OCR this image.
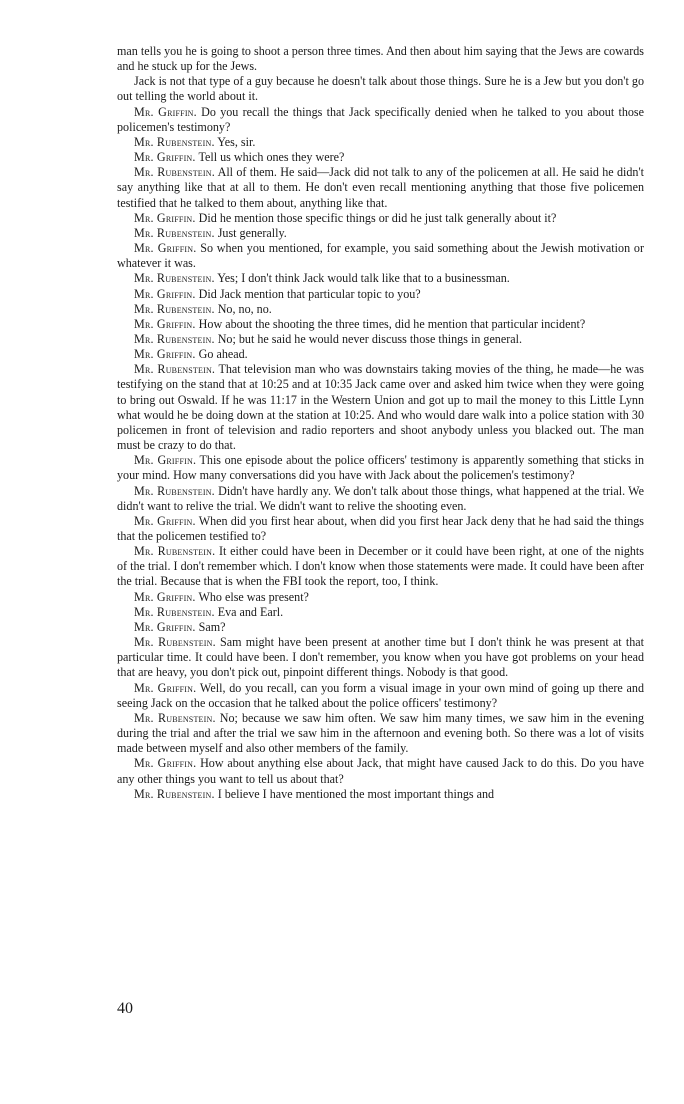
man tells you he is going to shoot a person three times. And then about him saying that the Jews are cowards and he stuck up for the Jews.

Jack is not that type of a guy because he doesn't talk about those things. Sure he is a Jew but you don't go out telling the world about it.

Mr. Griffin. Do you recall the things that Jack specifically denied when he talked to you about those policemen's testimony?

Mr. Rubenstein. Yes, sir.

Mr. Griffin. Tell us which ones they were?

Mr. Rubenstein. All of them. He said—Jack did not talk to any of the policemen at all. He said he didn't say anything like that at all to them. He don't even recall mentioning anything that those five policemen testified that he talked to them about, anything like that.

Mr. Griffin. Did he mention those specific things or did he just talk generally about it?

Mr. Rubenstein. Just generally.

Mr. Griffin. So when you mentioned, for example, you said something about the Jewish motivation or whatever it was.

Mr. Rubenstein. Yes; I don't think Jack would talk like that to a businessman.

Mr. Griffin. Did Jack mention that particular topic to you?

Mr. Rubenstein. No, no, no.

Mr. Griffin. How about the shooting the three times, did he mention that particular incident?

Mr. Rubenstein. No; but he said he would never discuss those things in general.

Mr. Griffin. Go ahead.

Mr. Rubenstein. That television man who was downstairs taking movies of the thing, he made—he was testifying on the stand that at 10:25 and at 10:35 Jack came over and asked him twice when they were going to bring out Oswald. If he was 11:17 in the Western Union and got up to mail the money to this Little Lynn what would he be doing down at the station at 10:25. And who would dare walk into a police station with 30 policemen in front of television and radio reporters and shoot anybody unless you blacked out. The man must be crazy to do that.

Mr. Griffin. This one episode about the police officers' testimony is apparently something that sticks in your mind. How many conversations did you have with Jack about the policemen's testimony?

Mr. Rubenstein. Didn't have hardly any. We don't talk about those things, what happened at the trial. We didn't want to relive the trial. We didn't want to relive the shooting even.

Mr. Griffin. When did you first hear about, when did you first hear Jack deny that he had said the things that the policemen testified to?

Mr. Rubenstein. It either could have been in December or it could have been right, at one of the nights of the trial. I don't remember which. I don't know when those statements were made. It could have been after the trial. Because that is when the FBI took the report, too, I think.

Mr. Griffin. Who else was present?

Mr. Rubenstein. Eva and Earl.

Mr. Griffin. Sam?

Mr. Rubenstein. Sam might have been present at another time but I don't think he was present at that particular time. It could have been. I don't remember, you know when you have got problems on your head that are heavy, you don't pick out, pinpoint different things. Nobody is that good.

Mr. Griffin. Well, do you recall, can you form a visual image in your own mind of going up there and seeing Jack on the occasion that he talked about the police officers' testimony?

Mr. Rubenstein. No; because we saw him often. We saw him many times, we saw him in the evening during the trial and after the trial we saw him in the afternoon and evening both. So there was a lot of visits made between myself and also other members of the family.

Mr. Griffin. How about anything else about Jack, that might have caused Jack to do this. Do you have any other things you want to tell us about that?

Mr. Rubenstein. I believe I have mentioned the most important things and

40
